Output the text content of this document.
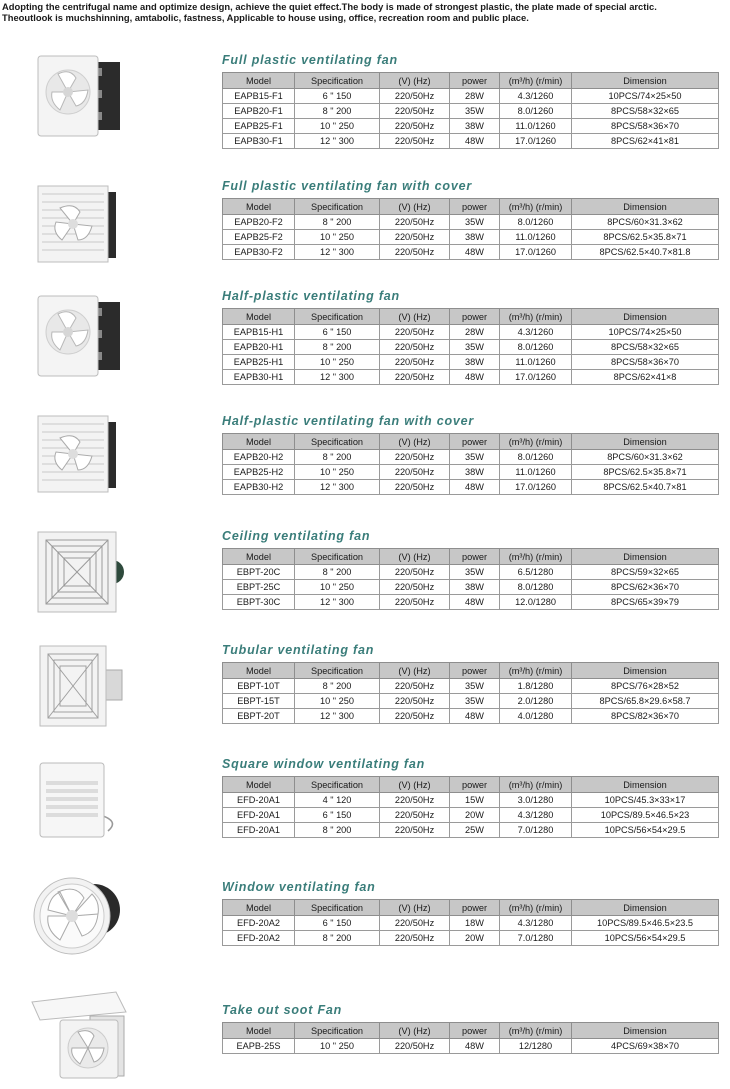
Adopting the centrifugal name and optimize design, achieve the quiet effect.The body is made of strongest plastic, the plate made of special arctic.

Theoutlook is muchshinning, amtabolic, fastness, Applicable to house using, office, recreation room and public place.

Full plastic ventilating fan
Model	Specification	(V) (Hz)	power	(m³/h) (r/min)	Dimension
EAPB15-F1	6 " 150	220/50Hz	28W	4.3/1260	10PCS/74×25×50
EAPB20-F1	8 " 200	220/50Hz	35W	8.0/1260	8PCS/58×32×65
EAPB25-F1	10 " 250	220/50Hz	38W	11.0/1260	8PCS/58×36×70
EAPB30-F1	12 " 300	220/50Hz	48W	17.0/1260	8PCS/62×41×81
Full plastic ventilating fan with cover
Model	Specification	(V) (Hz)	power	(m³/h) (r/min)	Dimension
EAPB20-F2	8 " 200	220/50Hz	35W	8.0/1260	8PCS/60×31.3×62
EAPB25-F2	10 " 250	220/50Hz	38W	11.0/1260	8PCS/62.5×35.8×71
EAPB30-F2	12 " 300	220/50Hz	48W	17.0/1260	8PCS/62.5×40.7×81.8
Half-plastic ventilating fan
Model	Specification	(V) (Hz)	power	(m³/h) (r/min)	Dimension
EAPB15-H1	6 " 150	220/50Hz	28W	4.3/1260	10PCS/74×25×50
EAPB20-H1	8 " 200	220/50Hz	35W	8.0/1260	8PCS/58×32×65
EAPB25-H1	10 " 250	220/50Hz	38W	11.0/1260	8PCS/58×36×70
EAPB30-H1	12 " 300	220/50Hz	48W	17.0/1260	8PCS/62×41×8
Half-plastic ventilating fan with cover
Model	Specification	(V) (Hz)	power	(m³/h) (r/min)	Dimension
EAPB20-H2	8 " 200	220/50Hz	35W	8.0/1260	8PCS/60×31.3×62
EAPB25-H2	10 " 250	220/50Hz	38W	11.0/1260	8PCS/62.5×35.8×71
EAPB30-H2	12 " 300	220/50Hz	48W	17.0/1260	8PCS/62.5×40.7×81
Ceiling ventilating fan
Model	Specification	(V) (Hz)	power	(m³/h) (r/min)	Dimension
EBPT-20C	8 " 200	220/50Hz	35W	6.5/1280	8PCS/59×32×65
EBPT-25C	10 " 250	220/50Hz	38W	8.0/1280	8PCS/62×36×70
EBPT-30C	12 " 300	220/50Hz	48W	12.0/1280	8PCS/65×39×79
Tubular ventilating fan
Model	Specification	(V) (Hz)	power	(m³/h) (r/min)	Dimension
EBPT-10T	8 " 200	220/50Hz	35W	1.8/1280	8PCS/76×28×52
EBPT-15T	10 " 250	220/50Hz	35W	2.0/1280	8PCS/65.8×29.6×58.7
EBPT-20T	12 " 300	220/50Hz	48W	4.0/1280	8PCS/82×36×70
Square window ventilating fan
Model	Specification	(V) (Hz)	power	(m³/h) (r/min)	Dimension
EFD-20A1	4 " 120	220/50Hz	15W	3.0/1280	10PCS/45.3×33×17
EFD-20A1	6 " 150	220/50Hz	20W	4.3/1280	10PCS/89.5×46.5×23
EFD-20A1	8 " 200	220/50Hz	25W	7.0/1280	10PCS/56×54×29.5
Window ventilating fan
Model	Specification	(V) (Hz)	power	(m³/h) (r/min)	Dimension
EFD-20A2	6 " 150	220/50Hz	18W	4.3/1280	10PCS/89.5×46.5×23.5
EFD-20A2	8 " 200	220/50Hz	20W	7.0/1280	10PCS/56×54×29.5
Take out soot Fan
Model	Specification	(V) (Hz)	power	(m³/h) (r/min)	Dimension
EAPB-25S	10 " 250	220/50Hz	48W	12/1280	4PCS/69×38×70
